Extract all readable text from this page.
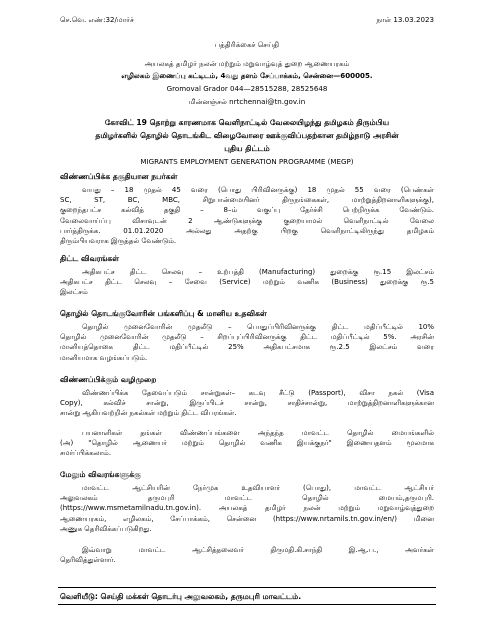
செ.வெ. எண்:32/மார்ச்	நாள் 13.03.2023
பத்திரிக்கைச் செய்தி
அயலகத் தமிழர் நலன் மற்றும் மறுவாழ்வுத் துறை ஆணையரகம்
எழிலகம் இணைப்பு கட்டிடம், 4வது தளம் சேப்பாக்கம், சென்னை—600005.
Gromoval Grador 044—28515288, 28525648
மின்னஞ்சல் nrtchennai@tn.gov.in
கோவிட் 19 தொற்று காரணமாக வெளிநாட்டில் வேலையிழந்து தமிழகம் திரும்பிய
தமிழர்களில் தொழில் தொடங்கிட விழைவோரை ஊக்குவிப்பதற்கான தமிழ்நாடு அரசின்
புதிய திட்டம்
MIGRANTS EMPLOYMENT GENERATION PROGRAMME (MEGP)
விண்ணப்பிக்க தகுதியான நபர்கள்
வயது – 18 முதல் 45 வரை (பொது பிரிவினருக்கு) 18 முதல் 55 வரை (பெண்கள்
SC, ST, BC, MBC, சிறுபான்மையினர் திருநங்கைகள், மாற்றுத்திறனாளிகளுக்கு),
குறைந்தபட்ச கல்வித் தகுதி – 8–ம் வகுப்பு தேர்ச்சி பெற்றிருக்க வேண்டும்.
வேலைவாய்ப்பு விசாவுடன் 2 ஆண்டுகளுக்கு குறையாமல் வெளிநாட்டில் வேலை
பார்த்திருக்க. 01.01.2020 அல்லது அதற்கு பிறகு வெளிநாட்டிலிருந்து தமிழகம்
திரும்பியவராக இருத்தல் வேண்டும்.
திட்ட விவரங்கள்
அதிகபட்ச திட்ட செலவு – உற்பத்தி (Manufacturing) துறைக்கு ரூ.15 இலட்சம்
அதிகபட்ச திட்ட செலவு – சேவை (Service) மற்றும் வணிக (Business) துறைக்கு ரூ.5
இலட்சம்
தொழில் தொடங்குவோரின் பங்களிப்பு & மானிய உதவிகள்
தொழில் முனைவோரின் முதலீடு – பொதுப்பிரிவினருக்கு திட்ட மதிப்பீட்டில் 10%
தொழில் முனைவோரின் முதலீடு – சிறப்புப்பிரிவினருக்கு திட்ட மதிப்பீட்டில் 5%. அரசின்
மானியத்தொகை திட்ட மதிப்பீட்டில் 25% அதிகபட்சமாக ரூ.2.5 இலட்சம் வரை
மானியமாக வழங்கப்படும்.
விண்ணப்பிக்கும் வழிமுறை
விண்ணப்பிக்க தேவைப்படும் சான்றுகள்– கடவு சீட்டு (Passport), விசா நகல் (Visa
Copy), கல்விச் சான்று, இருப்பிடச் சான்று, சாதிச்சான்று, மாற்றுத்திறனாளிகளுக்கான
சான்று ஆகியவற்றின் நகல்கள் மற்றும் திட்ட விபரங்கள்.
பயனாளிகள் தங்கள் விண்ணப்பங்களை அந்தந்த மாவட்ட தொழில் மையங்களில்
(அ) "தொழில் ஆணையர் மற்றும் தொழில் வணிக இயக்குநர்" இணையதளம் மூலமாக
சமர்ப்பிக்கலாம்.
மேலும் விவரங்களுக்கு
மாவட்ட ஆட்சியரின் நேர்முக உதவியாளர் (பொது), மாவட்ட ஆட்சியர்
அலுவலகம் தருமபுரி மாவட்ட தொழில் மையம்,தருமபுரி.
(https://www.msmetamilnadu.tn.gov.in). அயலகத் தமிழர் நலன் மற்றும் மறுவாழ்வுத்துறை
ஆணையரகம், எழிலகம், சேப்பாக்கம், சென்னை (https://www.nrtamils.tn.gov.in/en/) மினை
அணுக தெரிவிக்கப்படுகிறது.
இவ்வாறு மாவட்ட ஆட்சித்தலைவர் திருமதி.கி.சாந்தி இ.ஆ.ப., அவர்கள்
தெரிவித்துள்ளார்.
வெளியீடு: செய்தி மக்கள் தொடர்பு அலுவலகம், தருமபுரி மாவட்டம்.
